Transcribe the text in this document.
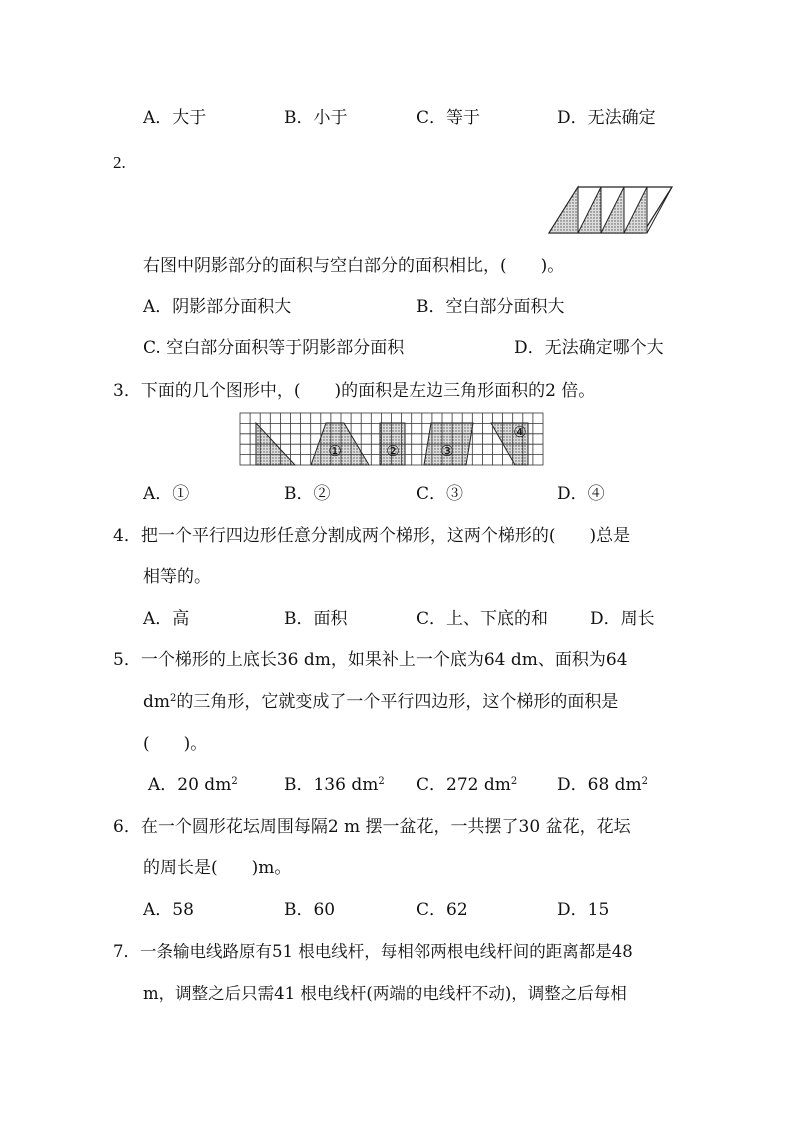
A．大于	B．小于	C．等于	D．无法确定
2.
右图中阴影部分的面积与空白部分的面积相比，(　　)。
A．阴影部分面积大	B．空白部分面积大
C. 空白部分面积等于阴影部分面积	D．无法确定哪个大
3．下面的几个图形中，(　　)的面积是左边三角形面积的2 倍。
①	②	③
④
A．①	B．②	C．③	D．④
4．把一个平行四边形任意分割成两个梯形，这两个梯形的(　　)总是
相等的。
A．高	B．面积	C．上、下底的和 D．周长
5．一个梯形的上底长36 dm，如果补上一个底为64 dm、面积为64
$dm^2$的三角形，它就变成了一个平行四边形，这个梯形的面积是
(　　)。
A．20 $dm^2$	B．136 $dm^2$ C．272 $dm^2$ D．68 $dm^2$
6．在一个圆形花坛周围每隔2 m 摆一盆花，一共摆了30 盆花，花坛
的周长是(　　)m。
A．58	B．60	C．62	D．15
7．一条输电线路原有51 根电线杆，每相邻两根电线杆间的距离都是48
m，调整之后只需41 根电线杆(两端的电线杆不动)，调整之后每相
